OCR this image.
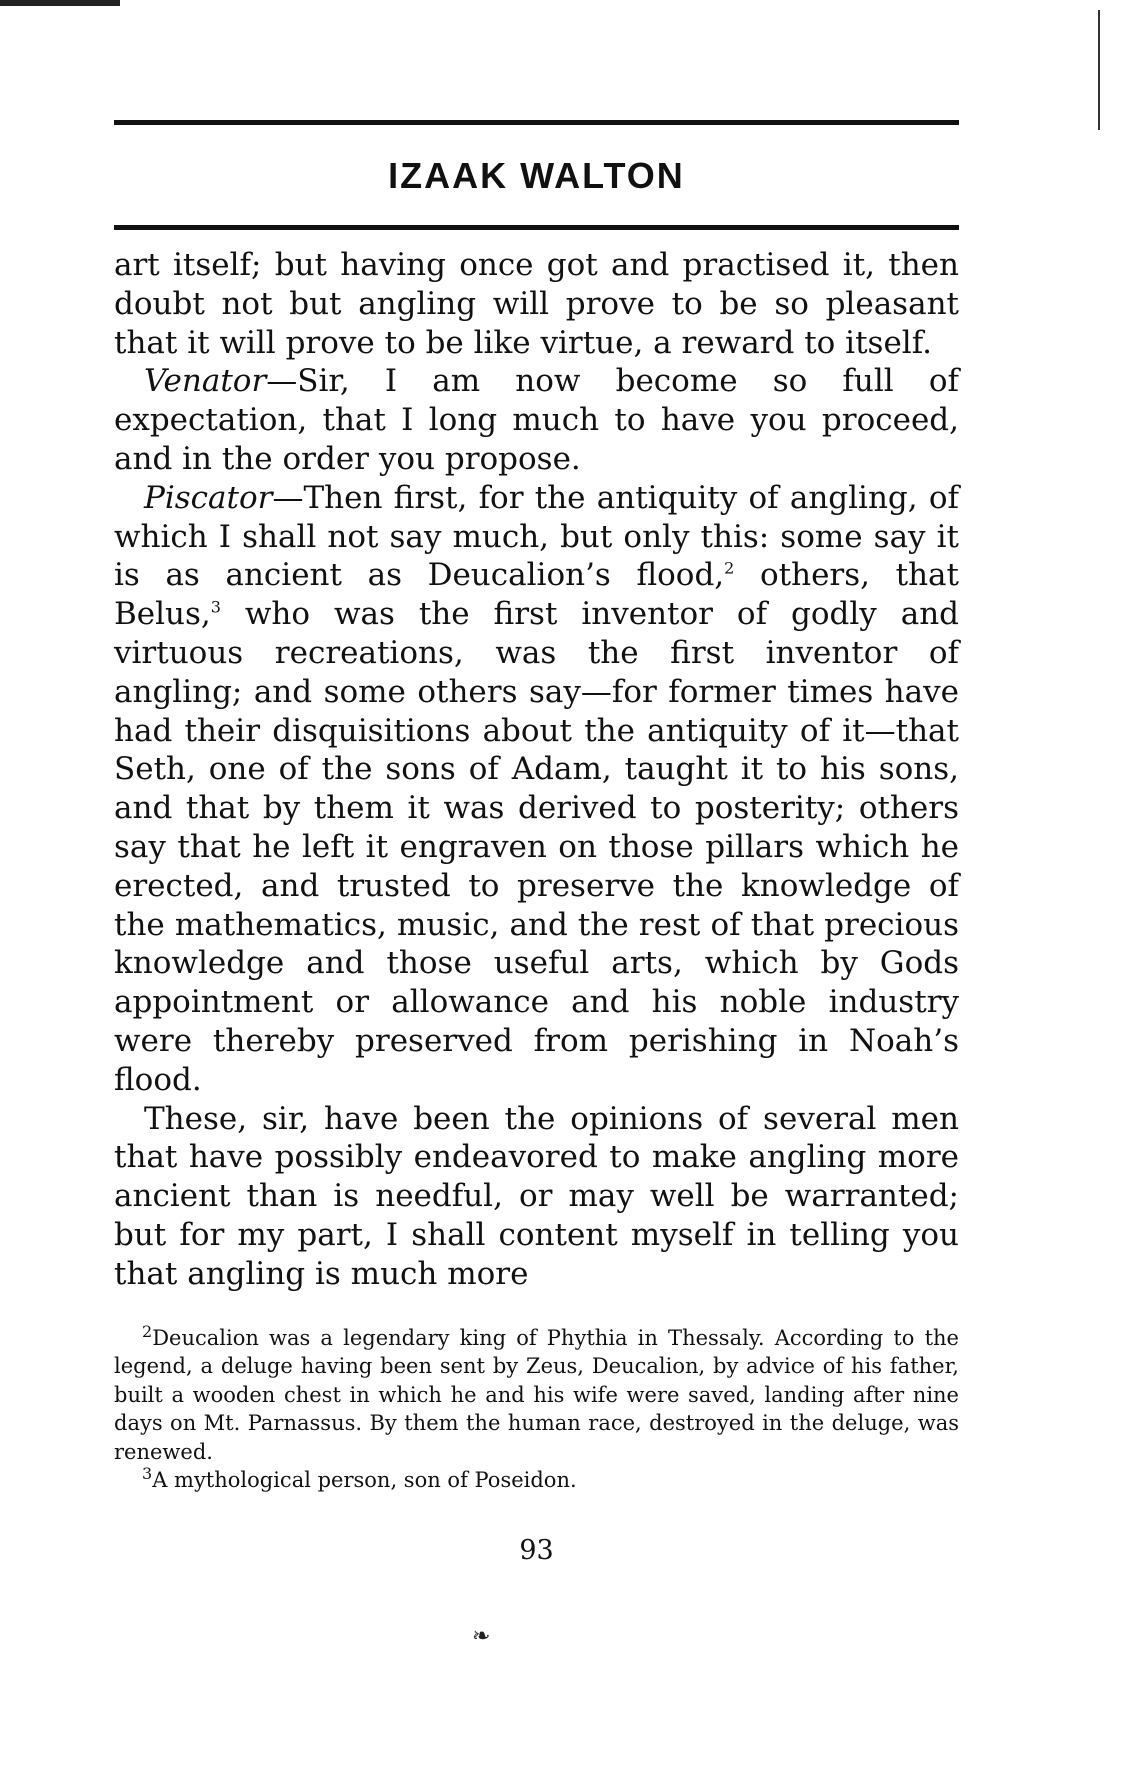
IZAAK WALTON

art itself; but having once got and practised it, then doubt not but angling will prove to be so pleasant that it will prove to be like virtue, a reward to itself.

Venator—Sir, I am now become so full of expectation, that I long much to have you proceed, and in the order you propose.

Piscator—Then first, for the antiquity of angling, of which I shall not say much, but only this: some say it is as ancient as Deucalion’s flood,$^2$ others, that Belus,$^3$ who was the first inventor of godly and virtuous recreations, was the first inventor of angling; and some others say—for former times have had their disquisitions about the antiquity of it—that Seth, one of the sons of Adam, taught it to his sons, and that by them it was derived to posterity; others say that he left it engraven on those pillars which he erected, and trusted to preserve the knowledge of the mathematics, music, and the rest of that precious knowledge and those useful arts, which by Gods appointment or allowance and his noble industry were thereby preserved from perishing in Noah’s flood.

These, sir, have been the opinions of several men that have possibly endeavored to make angling more ancient than is needful, or may well be warranted; but for my part, I shall content myself in telling you that angling is much more

$^2$Deucalion was a legendary king of Phythia in Thessaly. According to the legend, a deluge having been sent by Zeus, Deucalion, by advice of his father, built a wooden chest in which he and his wife were saved, landing after nine days on Mt. Parnassus. By them the human race, destroyed in the deluge, was renewed.

$^3$A mythological person, son of Poseidon.

93
❧
